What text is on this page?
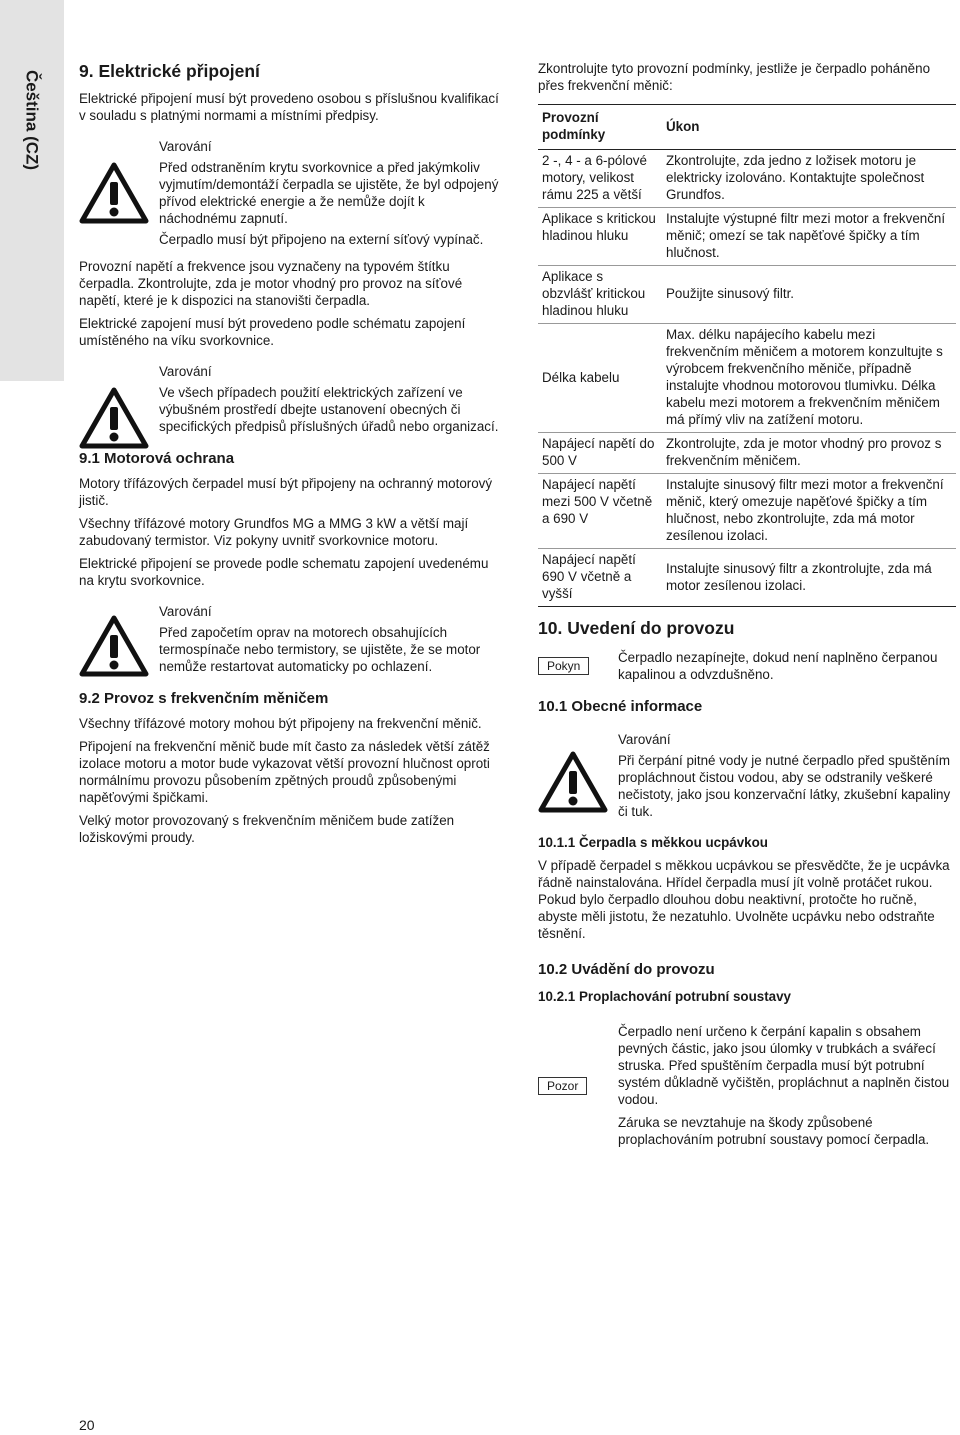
Čeština (CZ) 9. Elektrické připojení

Elektrické připojení musí být provedeno osobou s příslušnou kvalifikací v souladu s platnými normami a místními předpisy.

Varování

Před odstraněním krytu svorkovnice a před jakýmkoliv vyjmutím/demontáží čerpadla se ujistěte, že byl odpojený přívod elektrické energie a že nemůže dojít k náchodnému zapnutí.

Čerpadlo musí být připojeno na externí síťový vypínač.

Provozní napětí a frekvence jsou vyznačeny na typovém štítku čerpadla. Zkontrolujte, zda je motor vhodný pro provoz na síťové napětí, které je k dispozici na stanovišti čerpadla.

Elektrické zapojení musí být provedeno podle schématu zapojení umístěného na víku svorkovnice.

Varování

Ve všech případech použití elektrických zařízení ve výbušném prostředí dbejte ustanovení obecných či specifických předpisů příslušných úřadů nebo organizací.

9.1 Motorová ochrana

Motory třífázových čerpadel musí být připojeny na ochranný motorový jistič.

Všechny třífázové motory Grundfos MG a MMG 3 kW a větší mají zabudovaný termistor. Viz pokyny uvnitř svorkovnice motoru.

Elektrické připojení se provede podle schematu zapojení uvedenému na krytu svorkovnice.

Varování

Před započetím oprav na motorech obsahujících termospínače nebo termistory, se ujistěte, že se motor nemůže restartovat automaticky po ochlazení.

9.2 Provoz s frekvenčním měničem

Všechny třífázové motory mohou být připojeny na frekvenční měnič.

Připojení na frekvenční měnič bude mít často za následek větší zátěž izolace motoru a motor bude vykazovat větší provozní hlučnost oproti normálnímu provozu působením zpětných proudů způsobenými napěťovými špičkami.

Velký motor provozovaný s frekvenčním měničem bude zatížen ložiskovými proudy.

Zkontrolujte tyto provozní podmínky, jestliže je čerpadlo poháněno přes frekvenční měnič:

Provozní podmínky	Úkon
2 -, 4 - a 6-pólové motory, velikost rámu 225 a větší	Zkontrolujte, zda jedno z ložisek motoru je elektricky izolováno. Kontaktujte společnost Grundfos.
Aplikace s kritickou hladinou hluku	Instalujte výstupné filtr mezi motor a frekvenční měnič; omezí se tak napěťové špičky a tím hlučnost.
Aplikace s obzvlášť kritickou hladinou hluku	Použijte sinusový filtr.
Délka kabelu	Max. délku napájecího kabelu mezi frekvenčním měničem a motorem konzultujte s výrobcem frekvenčního měniče, případně instalujte vhodnou motorovou tlumivku. Délka kabelu mezi motorem a frekvenčním měničem má přímý vliv na zatížení motoru.
Napájecí napětí do 500 V	Zkontrolujte, zda je motor vhodný pro provoz s frekvenčním měničem.
Napájecí napětí mezi 500 V včetně a 690 V	Instalujte sinusový filtr mezi motor a frekvenční měnič, který omezuje napěťové špičky a tím hlučnost, nebo zkontrolujte, zda má motor zesílenou izolaci.
Napájecí napětí 690 V včetně a vyšší	Instalujte sinusový filtr a zkontrolujte, zda má motor zesílenou izolaci.
10. Uvedení do provozu
Pokyn

Čerpadlo nezapínejte, dokud není naplněno čerpanou kapalinou a odvzdušněno.

10.1 Obecné informace

Varování

Při čerpání pitné vody je nutné čerpadlo před spuštěním propláchnout čistou vodou, aby se odstranily veškeré nečistoty, jako jsou konzervační látky, zkušební kapaliny či tuk.

10.1.1 Čerpadla s měkkou ucpávkou

V případě čerpadel s měkkou ucpávkou se přesvědčte, že je ucpávka řádně nainstalována. Hřídel čerpadla musí jít volně protáčet rukou. Pokud bylo čerpadlo dlouhou dobu neaktivní, protočte ho ručně, abyste měli jistotu, že nezatuhlo. Uvolněte ucpávku nebo odstraňte těsnění.

10.2 Uvádění do provozu
10.2.1 Proplachování potrubní soustavy
Pozor

Čerpadlo není určeno k čerpání kapalin s obsahem pevných částic, jako jsou úlomky v trubkách a svářecí struska. Před spuštěním čerpadla musí být potrubní systém důkladně vyčištěn, propláchnut a naplněn čistou vodou.

Záruka se nevztahuje na škody způsobené proplachováním potrubní soustavy pomocí čerpadla.

20
